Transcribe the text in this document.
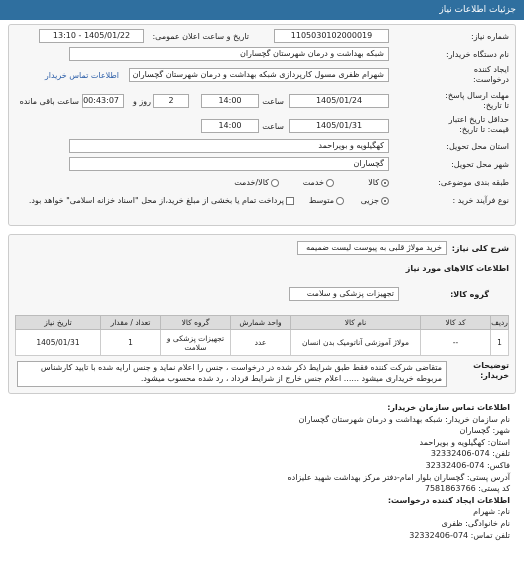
جزئیات اطلاعات نیاز
شماره نیاز:
1105030102000019
تاریخ و ساعت اعلان عمومی:
1405/01/22 - 13:10
نام دستگاه خریدار:
شبکه بهداشت و درمان شهرستان گچساران
ایجاد کننده درخواست:
شهرام ظفری مسول کارپردازی شبکه بهداشت و درمان شهرستان گچساران
اطلاعات تماس خریدار
مهلت ارسال پاسخ: تا تاریخ:
1405/01/24
ساعت
14:00
2
روز و
00:43:07
ساعت باقی مانده
حداقل تاریخ اعتبار قیمت: تا تاریخ:
1405/01/31
ساعت
14:00
استان محل تحویل:
کهگیلویه و بویراحمد
شهر محل تحویل:
گچساران
طبقه بندی موضوعی:
کالا
خدمت
کالا/خدمت
نوع فرآیند خرید :
جزیی
متوسط
پرداخت تمام یا بخشی از مبلغ خرید،از محل "اسناد خزانه اسلامی" خواهد بود.
شرح کلی نیاز:
خرید مولاژ قلبی به پیوست لیست ضمیمه
اطلاعات کالاهای مورد نیاز
گروه کالا:
تجهیزات پزشکی و سلامت
ردیف	کد کالا	نام کالا	واحد شمارش	گروه کالا	تعداد / مقدار	تاریخ نیاز
1	--	مولاژ آموزشی آناتومیک بدن انسان	عدد	تجهیزات پزشکی و سلامت	1	1405/01/31
توضیحات خریدار:
متقاضی شرکت کننده فقط طبق شرایط ذکر شده در درخواست ، جنس را اعلام نماید و جنس ارایه شده با تایید کارشناس مربوطه خریداری میشود ...... اعلام جنس خارج از شرایط قرداد ، رد شده محسوب میشود.
اطلاعات تماس سازمان خریدار:
نام سازمان خریدار: شبکه بهداشت و درمان شهرستان گچساران
شهر: گچساران
استان: کهگیلویه و بویراحمد
تلفن: 074-32332406
فاکس: 074-32332406
آدرس پستی: گچساران بلوار امام-دفتر مرکز بهداشت شهید علیزاده
کد پستی: 7581863766
اطلاعات ایجاد کننده درخواست:
نام: شهرام
نام خانوادگی: ظفری
تلفن تماس: 074-32332406
